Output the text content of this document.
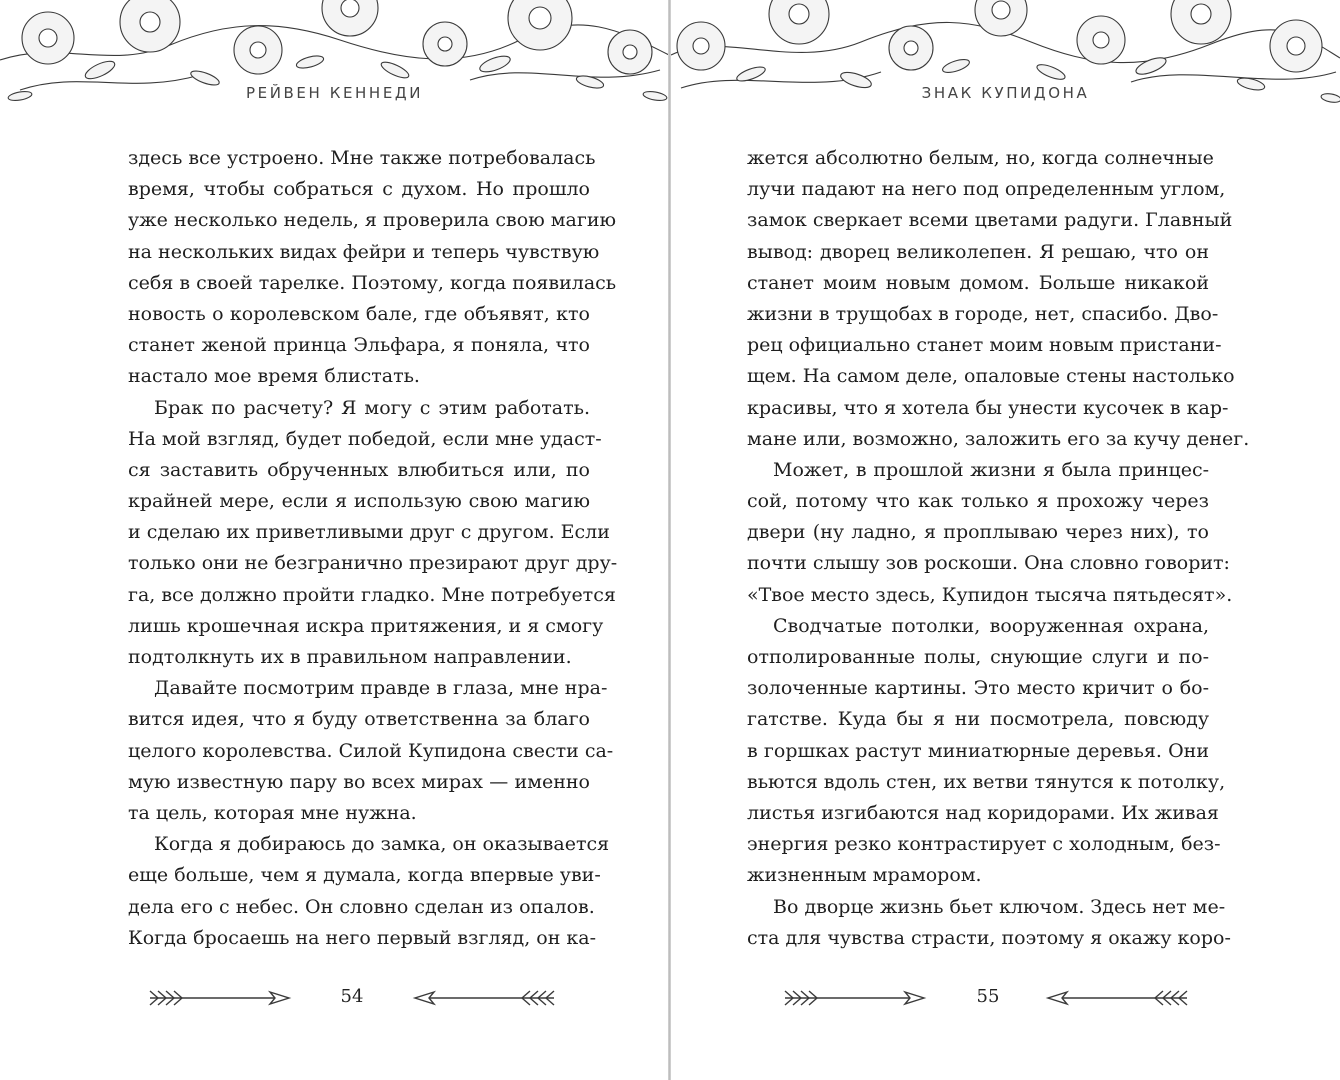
РЕЙВЕН КЕННЕДИ
здесь все устроено. Мне также потребовалась
время, чтобы собраться с духом. Но прошло
уже несколько недель, я проверила свою магию
на нескольких видах фейри и теперь чувствую
себя в своей тарелке. Поэтому, когда появилась
новость о королевском бале, где объявят, кто
станет женой принца Эльфара, я поняла, что
настало мое время блистать.
Брак по расчету? Я могу с этим работать.
На мой взгляд, будет победой, если мне удаст-
ся заставить обрученных влюбиться или, по
крайней мере, если я использую свою магию
и сделаю их приветливыми друг с другом. Если
только они не безгранично презирают друг дру-
га, все должно пройти гладко. Мне потребуется
лишь крошечная искра притяжения, и я смогу
подтолкнуть их в правильном направлении.
Давайте посмотрим правде в глаза, мне нра-
вится идея, что я буду ответственна за благо
целого королевства. Силой Купидона свести са-
мую известную пару во всех мирах — именно
та цель, которая мне нужна.
Когда я добираюсь до замка, он оказывается
еще больше, чем я думала, когда впервые уви-
дела его с небес. Он словно сделан из опалов.
Когда бросаешь на него первый взгляд, он ка-
54
ЗНАК КУПИДОНА
жется абсолютно белым, но, когда солнечные
лучи падают на него под определенным углом,
замок сверкает всеми цветами радуги. Главный
вывод: дворец великолепен. Я решаю, что он
станет моим новым домом. Больше никакой
жизни в трущобах в городе, нет, спасибо. Дво-
рец официально станет моим новым пристани-
щем. На самом деле, опаловые стены настолько
красивы, что я хотела бы унести кусочек в кар-
мане или, возможно, заложить его за кучу денег.
Может, в прошлой жизни я была принцес-
сой, потому что как только я прохожу через
двери (ну ладно, я проплываю через них), то
почти слышу зов роскоши. Она словно говорит:
«Твое место здесь, Купидон тысяча пятьдесят».
Сводчатые потолки, вооруженная охрана,
отполированные полы, снующие слуги и по-
золоченные картины. Это место кричит о бо-
гатстве. Куда бы я ни посмотрела, повсюду
в горшках растут миниатюрные деревья. Они
вьются вдоль стен, их ветви тянутся к потолку,
листья изгибаются над коридорами. Их живая
энергия резко контрастирует с холодным, без-
жизненным мрамором.
Во дворце жизнь бьет ключом. Здесь нет ме-
ста для чувства страсти, поэтому я окажу коро-
55
